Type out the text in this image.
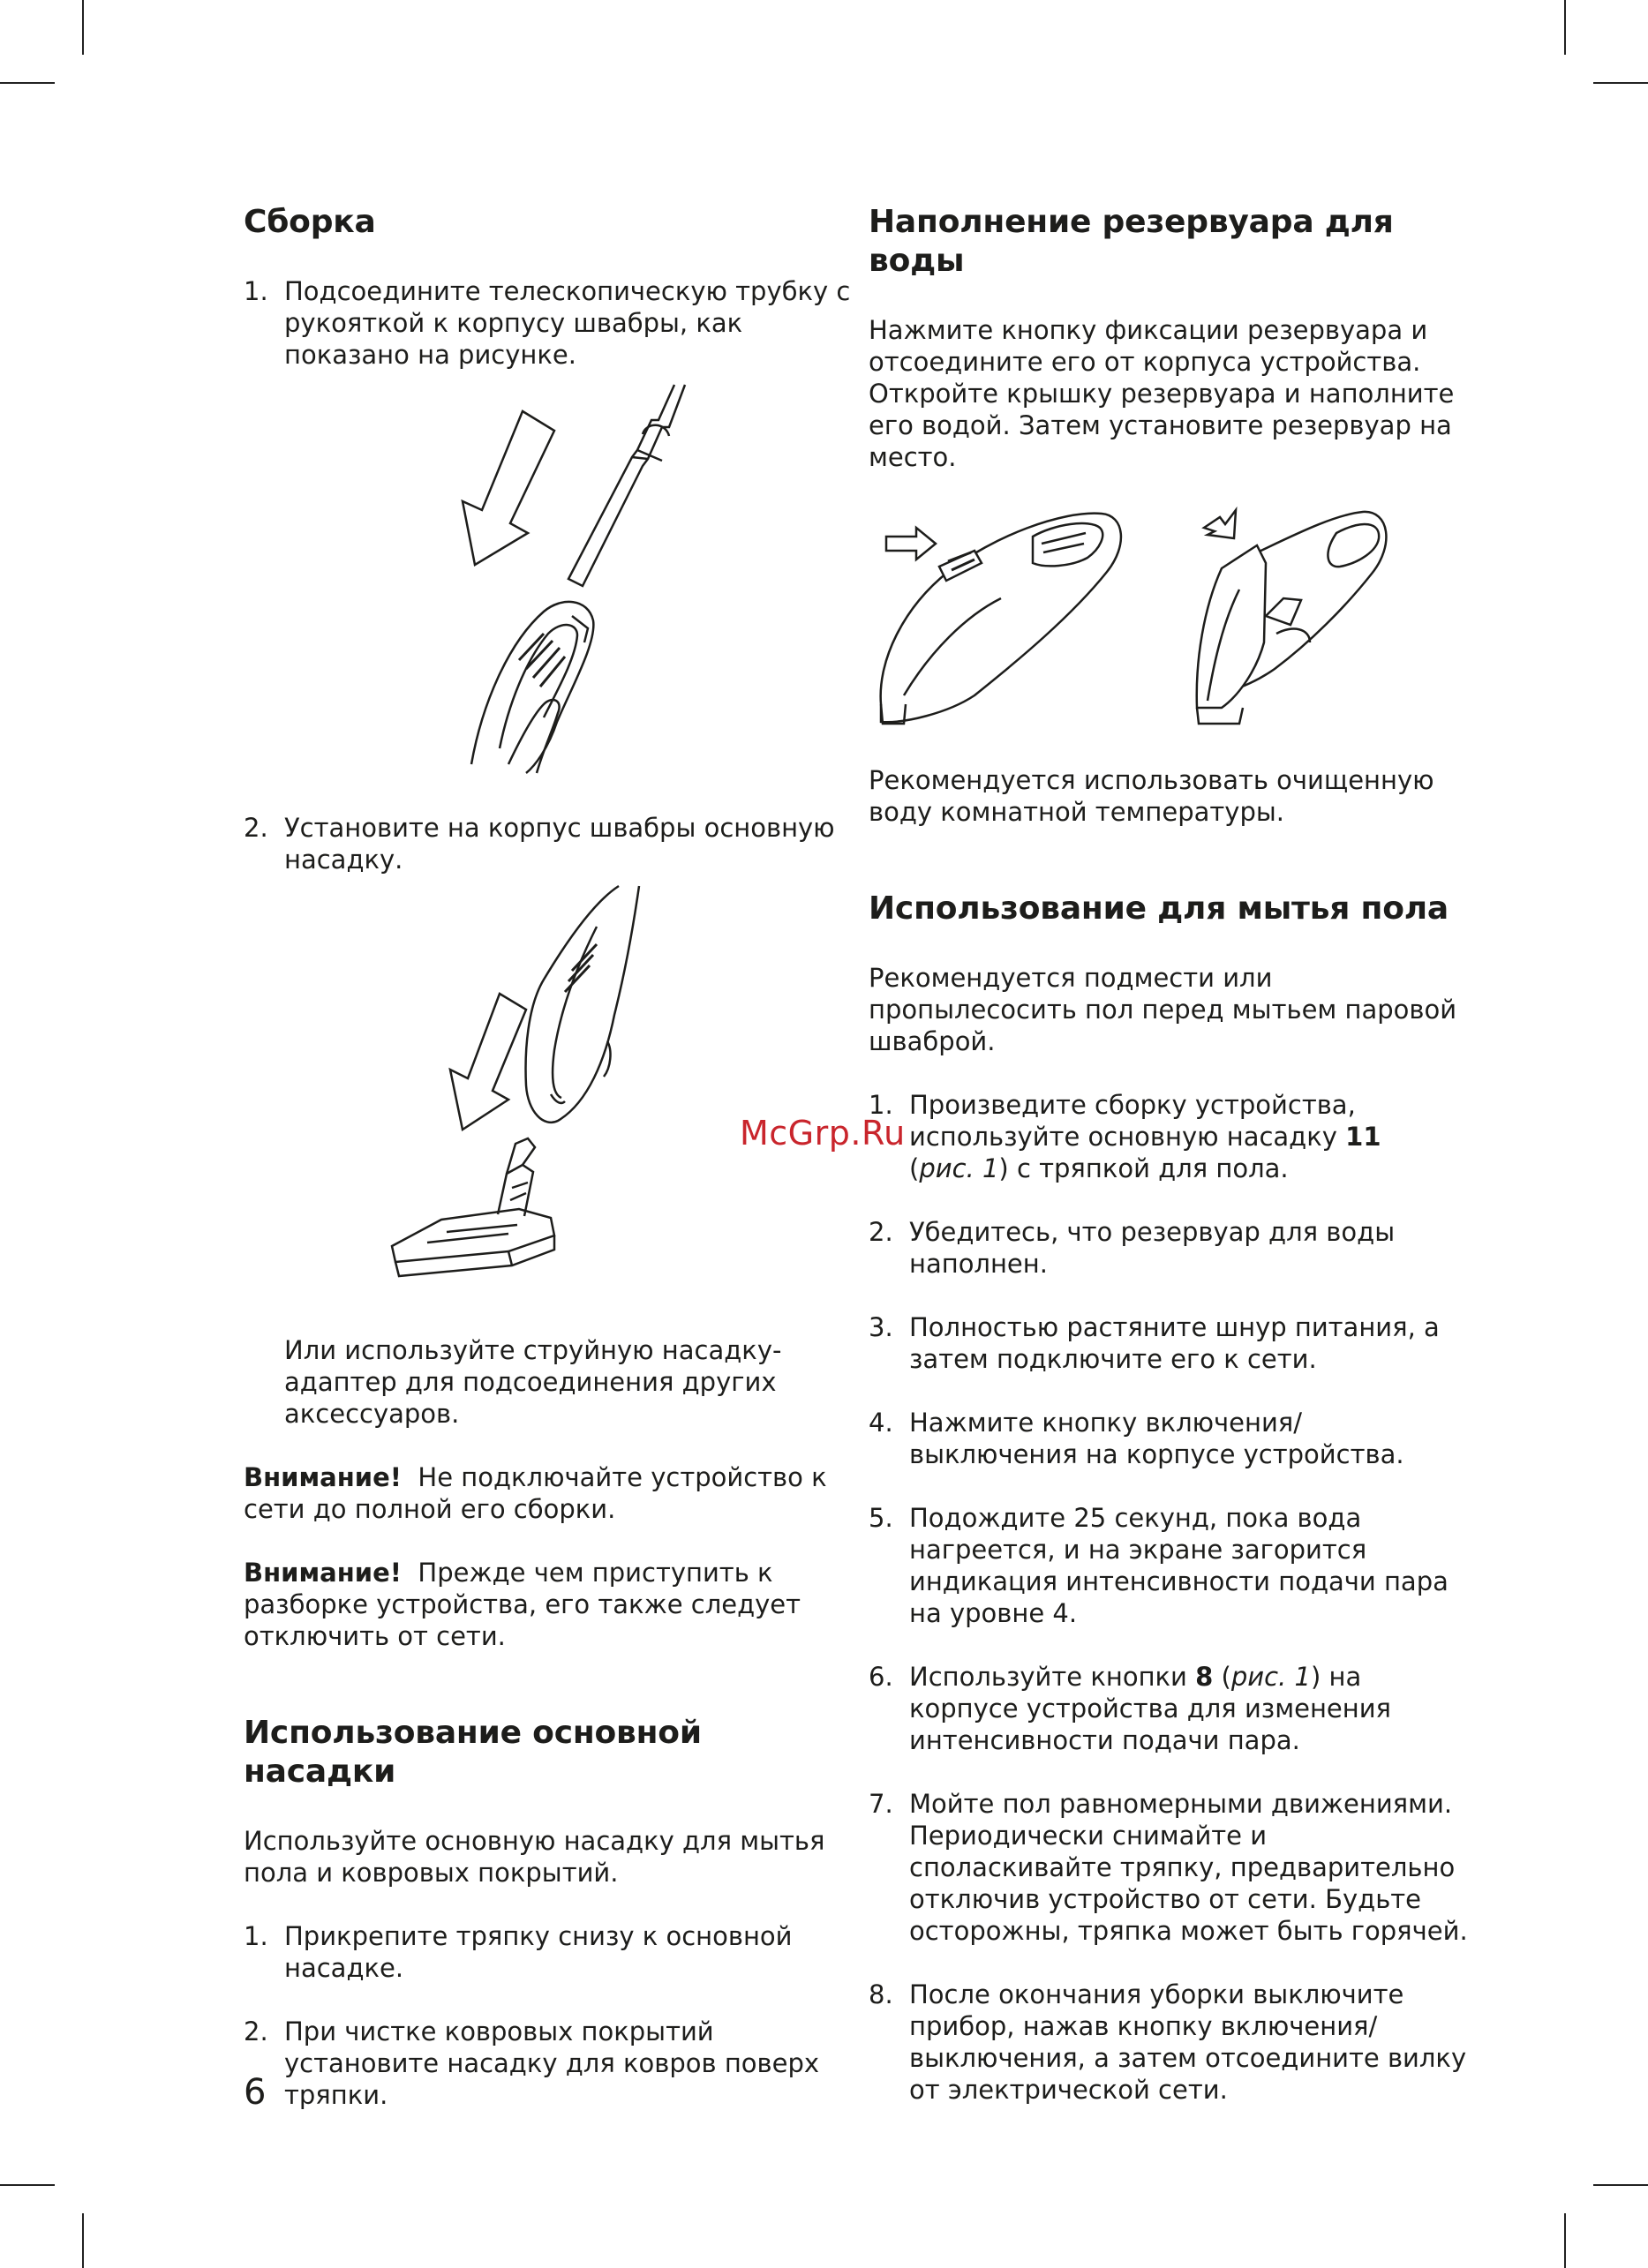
Сборка
1. Подсоедините телескопическую трубку с рукояткой к корпусу швабры, как показано на рисунке.
2. Установите на корпус швабры основную насадку.

Или используйте струйную насадку-адаптер для подсоединения других аксессуаров.

Внимание! Не подключайте устройство к сети до полной его сборки.

Внимание! Прежде чем приступить к разборке устройства, его также следует отключить от сети.

Использование основной насадки

Используйте основную насадку для мытья пола и ковровых покрытий.

1. Прикрепите тряпку снизу к основной насадке.
2. При чистке ковровых покрытий установите насадку для ковров поверх тряпки.
Наполнение резервуара для воды

Нажмите кнопку фиксации резервуара и отсоедините его от корпуса устройства. Откройте крышку резервуара и наполните его водой. Затем установите резервуар на место.

Рекомендуется использовать очищенную воду комнатной температуры.

Использование для мытья пола

Рекомендуется подмести или пропылесосить пол перед мытьем паровой шваброй.

1. Произведите сборку устройства, используйте основную насадку 11
(рис. 1) с тряпкой для пола.
2. Убедитесь, что резервуар для воды наполнен.
3. Полностью растяните шнур питания, а затем подключите его к сети.
4. Нажмите кнопку включения/выключения на корпусе устройства.
5. Подождите 25 секунд, пока вода нагреется, и на экране загорится индикация интенсивности подачи пара на уровне 4.
6. Используйте кнопки 8 (рис. 1) на корпусе устройства для изменения интенсивности подачи пара.
7. Мойте пол равномерными движениями. Периодически снимайте и споласкивайте тряпку, предварительно отключив устройство от сети. Будьте осторожны, тряпка может быть горячей.
8. После окончания уборки выключите прибор, нажав кнопку включения/выключения, а затем отсоедините вилку от электрической сети.
McGrp.Ru
6
